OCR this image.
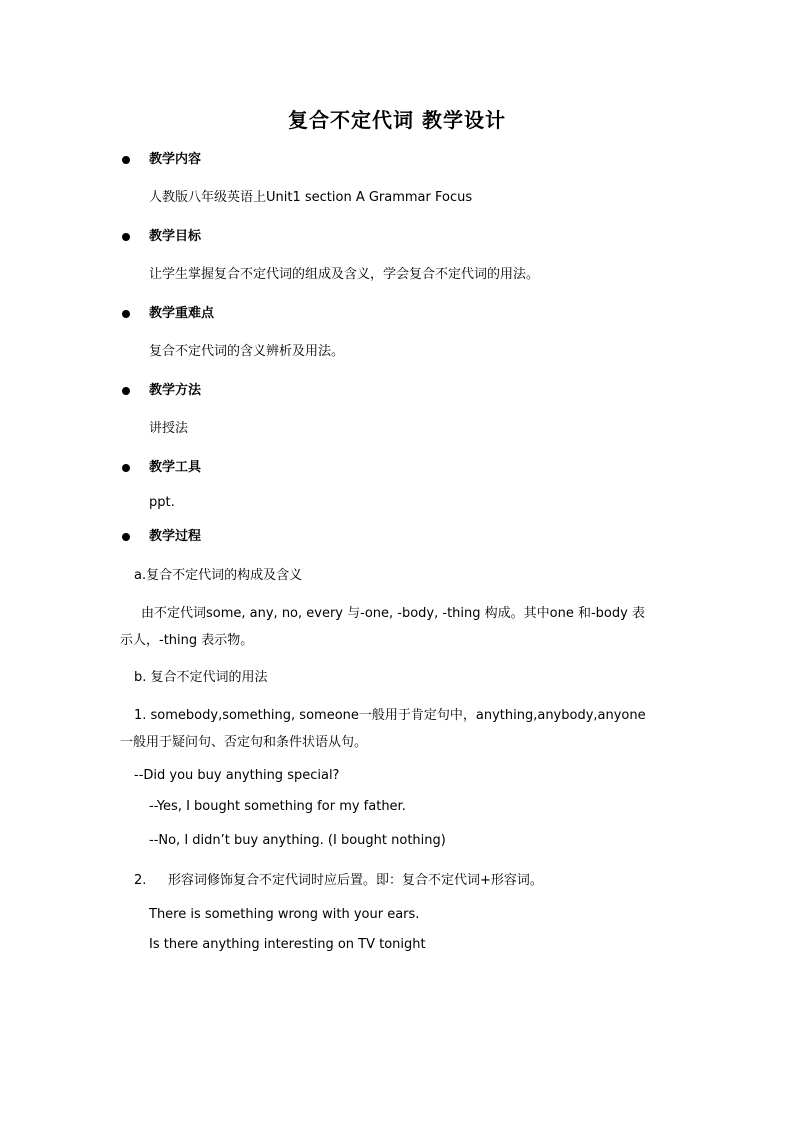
复合不定代词 教学设计
教学内容
人教版八年级英语上Unit1 section A Grammar Focus
教学目标
让学生掌握复合不定代词的组成及含义，学会复合不定代词的用法。
教学重难点
复合不定代词的含义辨析及用法。
教学方法
讲授法
教学工具
ppt.
教学过程
a.复合不定代词的构成及含义
由不定代词some, any, no, every 与-one, -body, -thing 构成。其中one 和-body 表
示人，-thing 表示物。
b. 复合不定代词的用法
1. somebody,something, someone一般用于肯定句中，anything,anybody,anyone
一般用于疑问句、否定句和条件状语从句。
--Did you buy anything special?
--Yes, I bought something for my father.
--No, I didn’t buy anything. (I bought nothing)
2. 形容词修饰复合不定代词时应后置。即：复合不定代词+形容词。
There is something wrong with your ears.
Is there anything interesting on TV tonight
